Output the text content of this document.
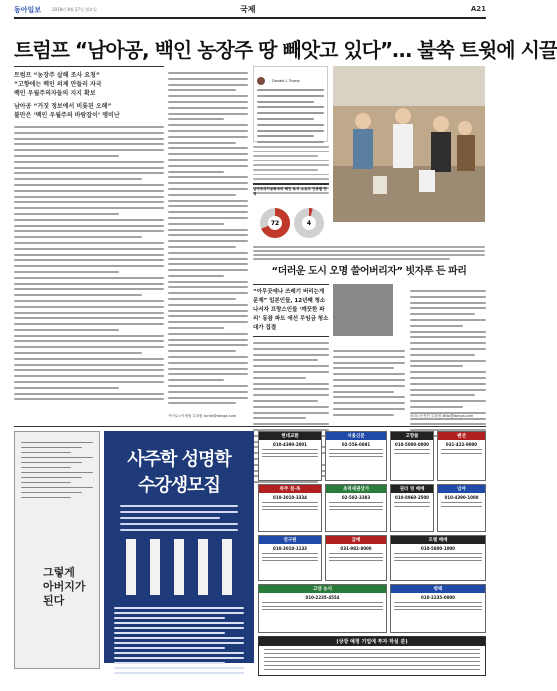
동아일보	2018년 8월 27일 월요일	국제	A21
트럼프 “남아공, 백인 농장주 땅 빼앗고 있다”… 불쑥 트윗에 시끌

트럼프 “농장주 살해 조사 요청”

“고향에는 백인 의제 만들러 자국

백인 우월주의자들의 지지 확보

남아공 “거짓 정보에서 비롯된 오해”

불만은 ‘백인 우월주의 바람잡이’ 맹비난

Donald J. Trump
남아프리카공화국의 백인 토지 소유주 인종별 면적
72	4
“더러운 도시 오명 쓸어버리자” 빗자루 든 파리
“아무곳에나 쓰레기 버리는게 문제” 일본인들, 12년째 청소 나서자 프랑스인들 ‘깨끗한 파리’ 동참 파트 에선 무임금 청소대가 집결
카이로=이세형 특파원 turtle@donga.com	파리=동정민 특파원 ditto@donga.com
그렇게
아버지가
된다
사주학 성명학
수강생모집
현대교환
010-4390-2001
서울신문
02-556-0891
고향물
010-5800-0000
펜션
031-422-9000
파주 점·목
010-3010-3334
초역세권상가
02-582-3383
권리 영 매매
010-8960-2500
임야
010-4390-1000
연구원
010-3010-1133
급매
031-982-8000
모텔 매매
010-5800-1000
고양 농지
010-2235-4554
평택
010-2235-0000
(상장 예정 기업에 투자 하실 분)
